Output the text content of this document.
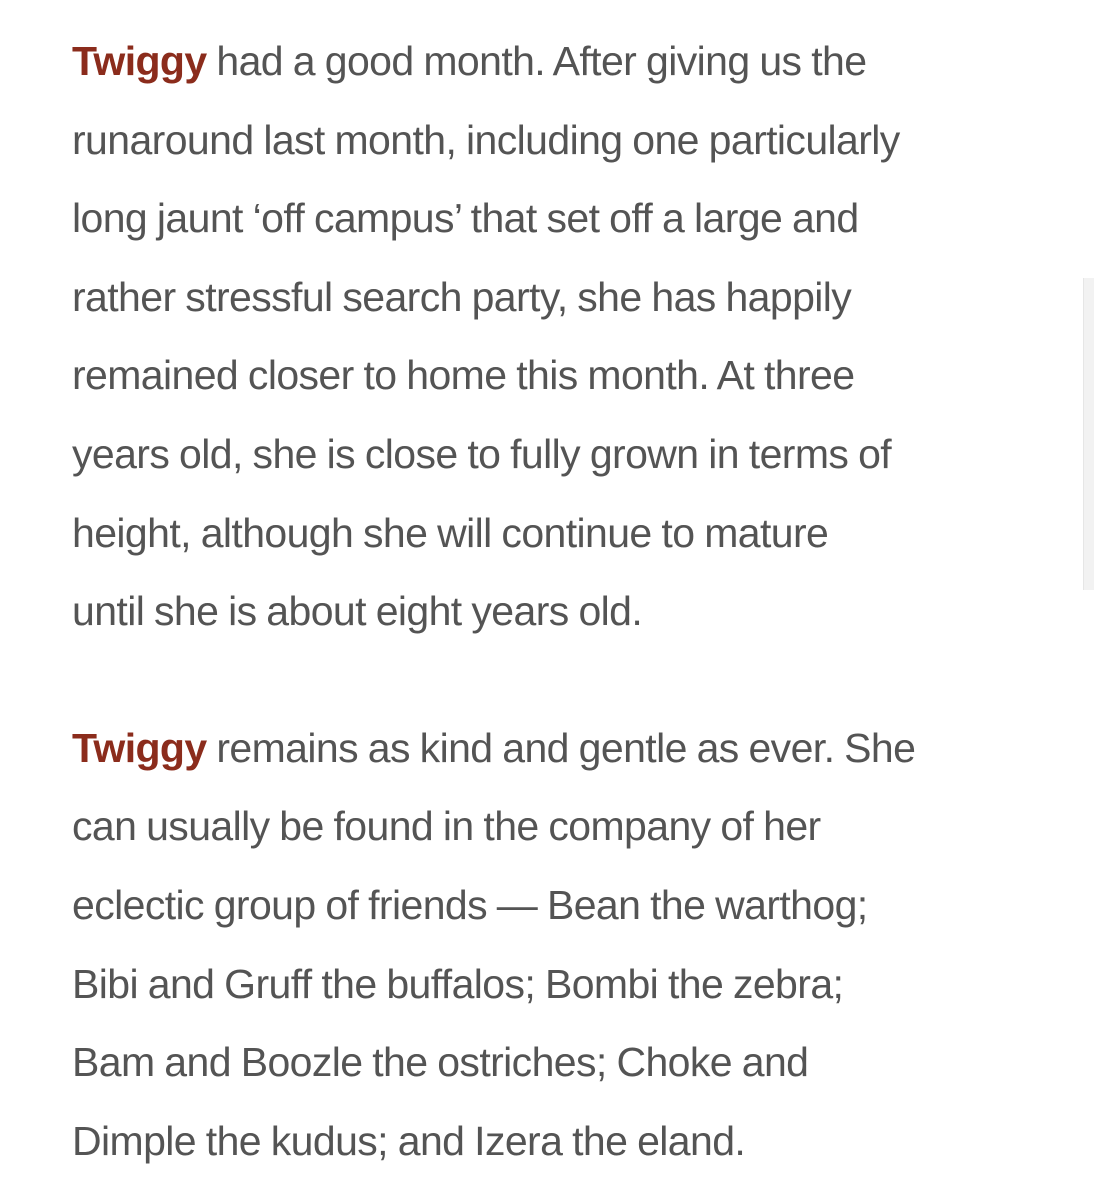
Twiggy had a good month. After giving us the
runaround last month, including one particularly
long jaunt ‘off campus’ that set off a large and
rather stressful search party, she has happily
remained closer to home this month. At three
years old, she is close to fully grown in terms of
height, although she will continue to mature
until she is about eight years old.

Twiggy remains as kind and gentle as ever. She
can usually be found in the company of her
eclectic group of friends — Bean the warthog;
Bibi and Gruff the buffalos; Bombi the zebra;
Bam and Boozle the ostriches; Choke and
Dimple the kudus; and Izera the eland.
